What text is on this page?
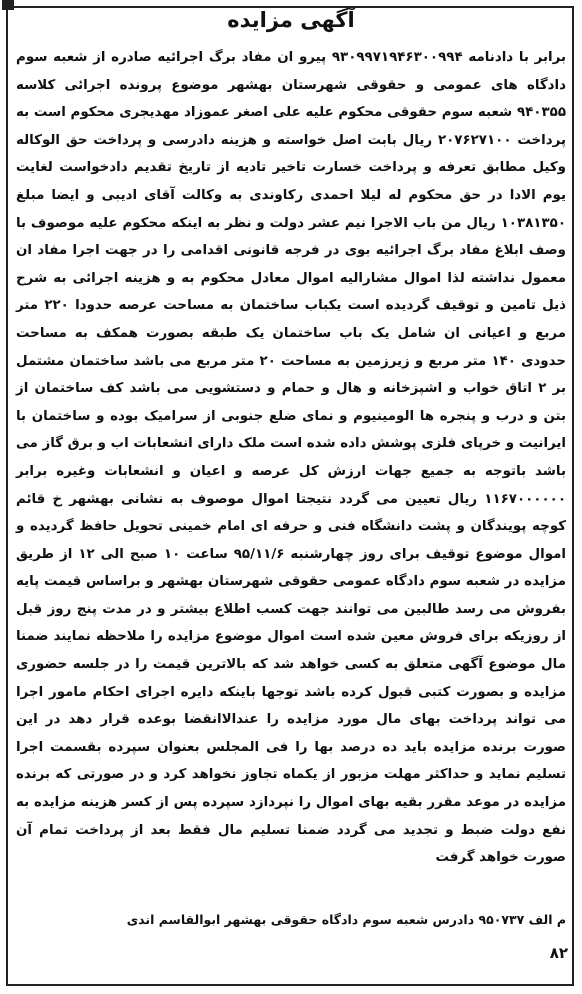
آگهی مزایده
برابر با دادنامه ۹۳۰۹۹۷۱۹۴۶۳۰۰۹۹۴ پیرو ان مفاد برگ اجرائیه صادره از شعبه سوم دادگاه های عمومی و حقوقی شهرستان بهشهر موضوع پرونده اجرائی کلاسه ۹۴۰۳۵۵ شعبه سوم حقوقی محکوم علیه علی اصغر عموزاد مهدیجری محکوم است به پرداخت ۲۰۷۶۲۷۱۰۰ ریال بابت اصل خواسته و هزینه دادرسی و پرداخت حق الوکاله وکیل مطابق تعرفه و پرداخت خسارت تاخیر تادیه از تاریخ تقدیم دادخواست لغایت یوم الادا در حق محکوم له لیلا احمدی رکاوندی به وکالت آقای ادیبی و ایضا مبلغ ۱۰۳۸۱۳۵۰ ریال من باب الاجرا نیم عشر دولت و نظر به اینکه محکوم علیه موصوف با وصف ابلاغ مفاد برگ اجرائیه بوی در فرجه قانونی اقدامی را در جهت اجرا مفاد ان معمول نداشته لذا اموال مشارالیه اموال معادل محکوم به و هزینه اجرائی به شرح ذیل تامین و توقیف گردیده است یکباب ساختمان به مساحت عرصه حدودا ۲۲۰ متر مربع و اعیانی ان شامل یک باب ساختمان یک طبقه بصورت همکف به مساحت حدودی ۱۴۰ متر مربع و زیرزمین به مساحت ۲۰ متر مربع می باشد ساختمان مشتمل بر ۲ اتاق خواب و اشپزخانه و هال و حمام و دستشویی می باشد کف ساختمان از بتن و درب و پنجره ها الومینیوم و نمای ضلع جنوبی از سرامیک بوده و ساختمان با ایرانیت و خرپای فلزی پوشش داده شده است ملک دارای انشعابات اب و برق گاز می باشد باتوجه به جمیع جهات ارزش کل عرصه و اعیان و انشعابات وغیره برابر ۱۱۶۷۰۰۰۰۰۰ ریال تعیین می گردد نتیجتا اموال موصوف به نشانی بهشهر خ قائم کوچه پویندگان و پشت دانشگاه فنی و حرفه ای امام خمینی تحویل حافظ گردیده و اموال موضوع توقیف برای روز چهارشنبه ۹۵/۱۱/۶ ساعت ۱۰ صبح الی ۱۲ از طریق مزایده در شعبه سوم دادگاه عمومی حقوقی شهرستان بهشهر و براساس قیمت پایه بفروش می رسد طالبین می توانند جهت کسب اطلاع بیشتر و در مدت پنج روز قبل از روزیکه برای فروش معین شده است اموال موضوع مزایده را ملاحظه نمایند ضمنا مال موضوع آگهی متعلق به کسی خواهد شد که بالاترین قیمت را در جلسه حضوری مزایده و بصورت کتبی قبول کرده باشد توجها باینکه دایره اجرای احکام مامور اجرا می تواند پرداخت بهای مال مورد مزایده را عندالاانقضا بوعده قرار دهد در این صورت برنده مزایده باید ده درصد بها را فی المجلس بعنوان سپرده بقسمت اجرا تسلیم نماید و حداکثر مهلت مزبور از یکماه تجاوز نخواهد کرد و در صورتی که برنده مزایده در موعد مقرر بقیه بهای اموال را نپردازد سپرده پس از کسر هزینه مزایده به نفع دولت ضبط و تجدید می گردد ضمنا تسلیم مال فقط بعد از پرداخت تمام آن صورت خواهد گرفت
م الف ۹۵۰۷۳۷ دادرس شعبه سوم دادگاه حقوقی بهشهر ابوالقاسم اندی
۸۲
